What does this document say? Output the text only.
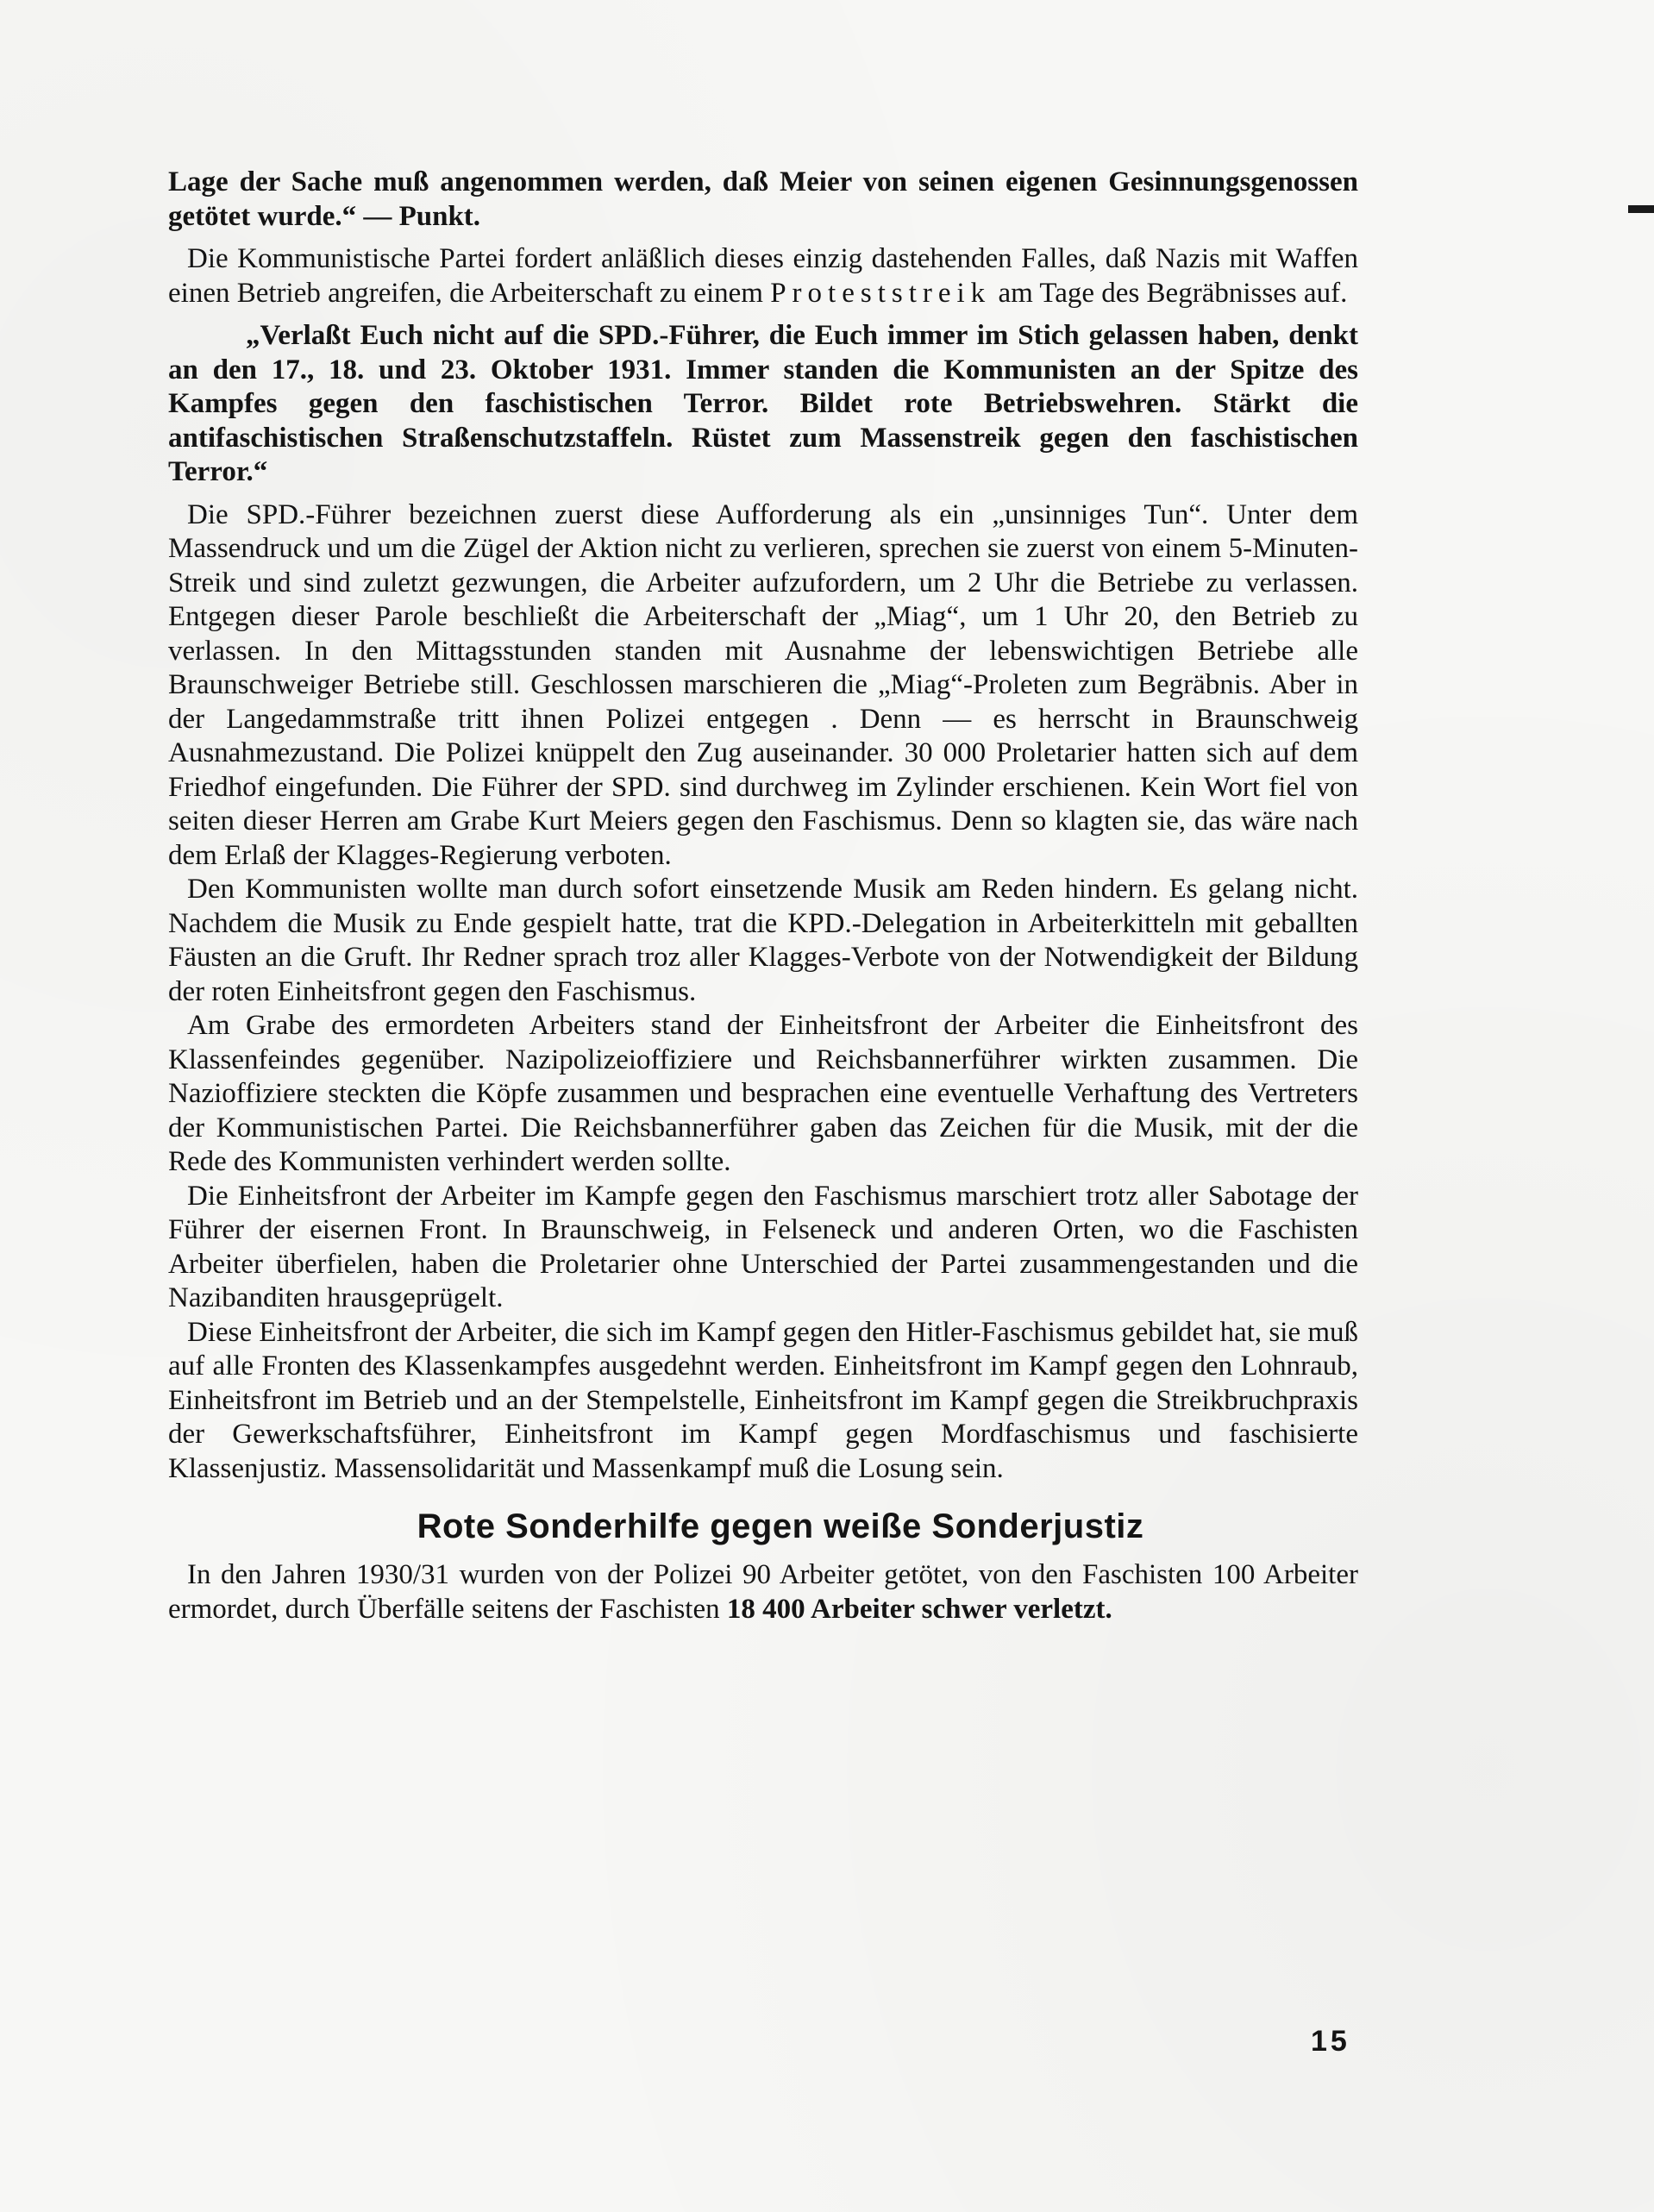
Lage der Sache muß angenommen werden, daß Meier von seinen eigenen Gesinnungsgenossen getötet wurde.“ — Punkt.

Die Kommunistische Partei fordert anläßlich dieses einzig dastehenden Falles, daß Nazis mit Waffen einen Betrieb angreifen, die Arbeiterschaft zu einem Proteststreik am Tage des Begräbnisses auf.

„Verlaßt Euch nicht auf die SPD.-Führer, die Euch immer im Stich gelassen haben, denkt an den 17., 18. und 23. Oktober 1931. Immer standen die Kommunisten an der Spitze des Kampfes gegen den faschistischen Terror. Bildet rote Betriebswehren. Stärkt die antifaschistischen Straßenschutzstaffeln. Rüstet zum Massenstreik gegen den faschistischen Terror.“

Die SPD.-Führer bezeichnen zuerst diese Aufforderung als ein „unsinniges Tun“. Unter dem Massendruck und um die Zügel der Aktion nicht zu verlieren, sprechen sie zuerst von einem 5-Minuten-Streik und sind zuletzt gezwungen, die Arbeiter aufzufordern, um 2 Uhr die Betriebe zu verlassen. Entgegen dieser Parole beschließt die Arbeiterschaft der „Miag“, um 1 Uhr 20, den Betrieb zu verlassen. In den Mittagsstunden standen mit Ausnahme der lebenswichtigen Betriebe alle Braunschweiger Betriebe still. Geschlossen marschieren die „Miag“-Proleten zum Begräbnis. Aber in der Langedammstraße tritt ihnen Polizei entgegen . Denn — es herrscht in Braunschweig Ausnahmezustand. Die Polizei knüppelt den Zug auseinander. 30 000 Proletarier hatten sich auf dem Friedhof eingefunden. Die Führer der SPD. sind durchweg im Zylinder erschienen. Kein Wort fiel von seiten dieser Herren am Grabe Kurt Meiers gegen den Faschismus. Denn so klagten sie, das wäre nach dem Erlaß der Klagges-Regierung verboten.

Den Kommunisten wollte man durch sofort einsetzende Musik am Reden hindern. Es gelang nicht. Nachdem die Musik zu Ende gespielt hatte, trat die KPD.-Delegation in Arbeiterkitteln mit geballten Fäusten an die Gruft. Ihr Redner sprach troz aller Klagges-Verbote von der Notwendigkeit der Bildung der roten Einheitsfront gegen den Faschismus.

Am Grabe des ermordeten Arbeiters stand der Einheitsfront der Arbeiter die Einheitsfront des Klassenfeindes gegenüber. Nazipolizeioffiziere und Reichsbannerführer wirkten zusammen. Die Nazioffiziere steckten die Köpfe zusammen und besprachen eine eventuelle Verhaftung des Vertreters der Kommunistischen Partei. Die Reichsbannerführer gaben das Zeichen für die Musik, mit der die Rede des Kommunisten verhindert werden sollte.

Die Einheitsfront der Arbeiter im Kampfe gegen den Faschismus marschiert trotz aller Sabotage der Führer der eisernen Front. In Braunschweig, in Felseneck und anderen Orten, wo die Faschisten Arbeiter überfielen, haben die Proletarier ohne Unterschied der Partei zusammengestanden und die Nazibanditen hrausgeprügelt.

Diese Einheitsfront der Arbeiter, die sich im Kampf gegen den Hitler-Faschismus gebildet hat, sie muß auf alle Fronten des Klassenkampfes ausgedehnt werden. Einheitsfront im Kampf gegen den Lohnraub, Einheitsfront im Betrieb und an der Stempelstelle, Einheitsfront im Kampf gegen die Streikbruchpraxis der Gewerkschaftsführer, Einheitsfront im Kampf gegen Mordfaschismus und faschisierte Klassenjustiz. Massensolidarität und Massenkampf muß die Losung sein.

Rote Sonderhilfe gegen weiße Sonderjustiz

In den Jahren 1930/31 wurden von der Polizei 90 Arbeiter getötet, von den Faschisten 100 Arbeiter ermordet, durch Überfälle seitens der Faschisten 18 400 Arbeiter schwer verletzt.

15
